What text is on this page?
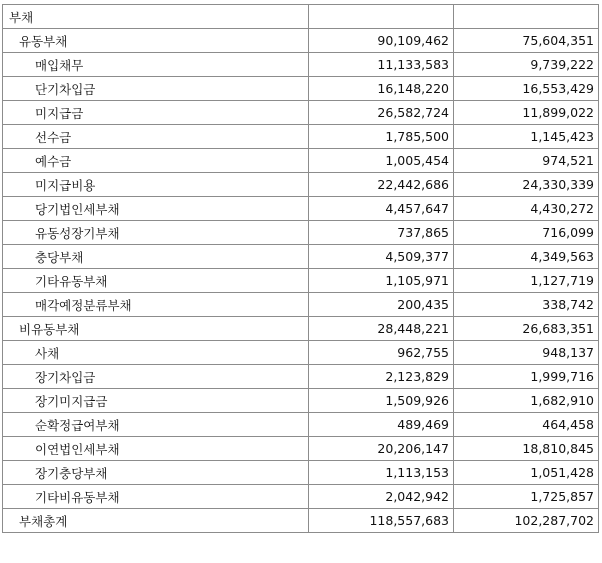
부채		
유동부채	90,109,462	75,604,351
매입채무	11,133,583	9,739,222
단기차입금	16,148,220	16,553,429
미지급금	26,582,724	11,899,022
선수금	1,785,500	1,145,423
예수금	1,005,454	974,521
미지급비용	22,442,686	24,330,339
당기법인세부채	4,457,647	4,430,272
유동성장기부채	737,865	716,099
충당부채	4,509,377	4,349,563
기타유동부채	1,105,971	1,127,719
매각예정분류부채	200,435	338,742
비유동부채	28,448,221	26,683,351
사채	962,755	948,137
장기차입금	2,123,829	1,999,716
장기미지급금	1,509,926	1,682,910
순확정급여부채	489,469	464,458
이연법인세부채	20,206,147	18,810,845
장기충당부채	1,113,153	1,051,428
기타비유동부채	2,042,942	1,725,857
부채총계	118,557,683	102,287,702
